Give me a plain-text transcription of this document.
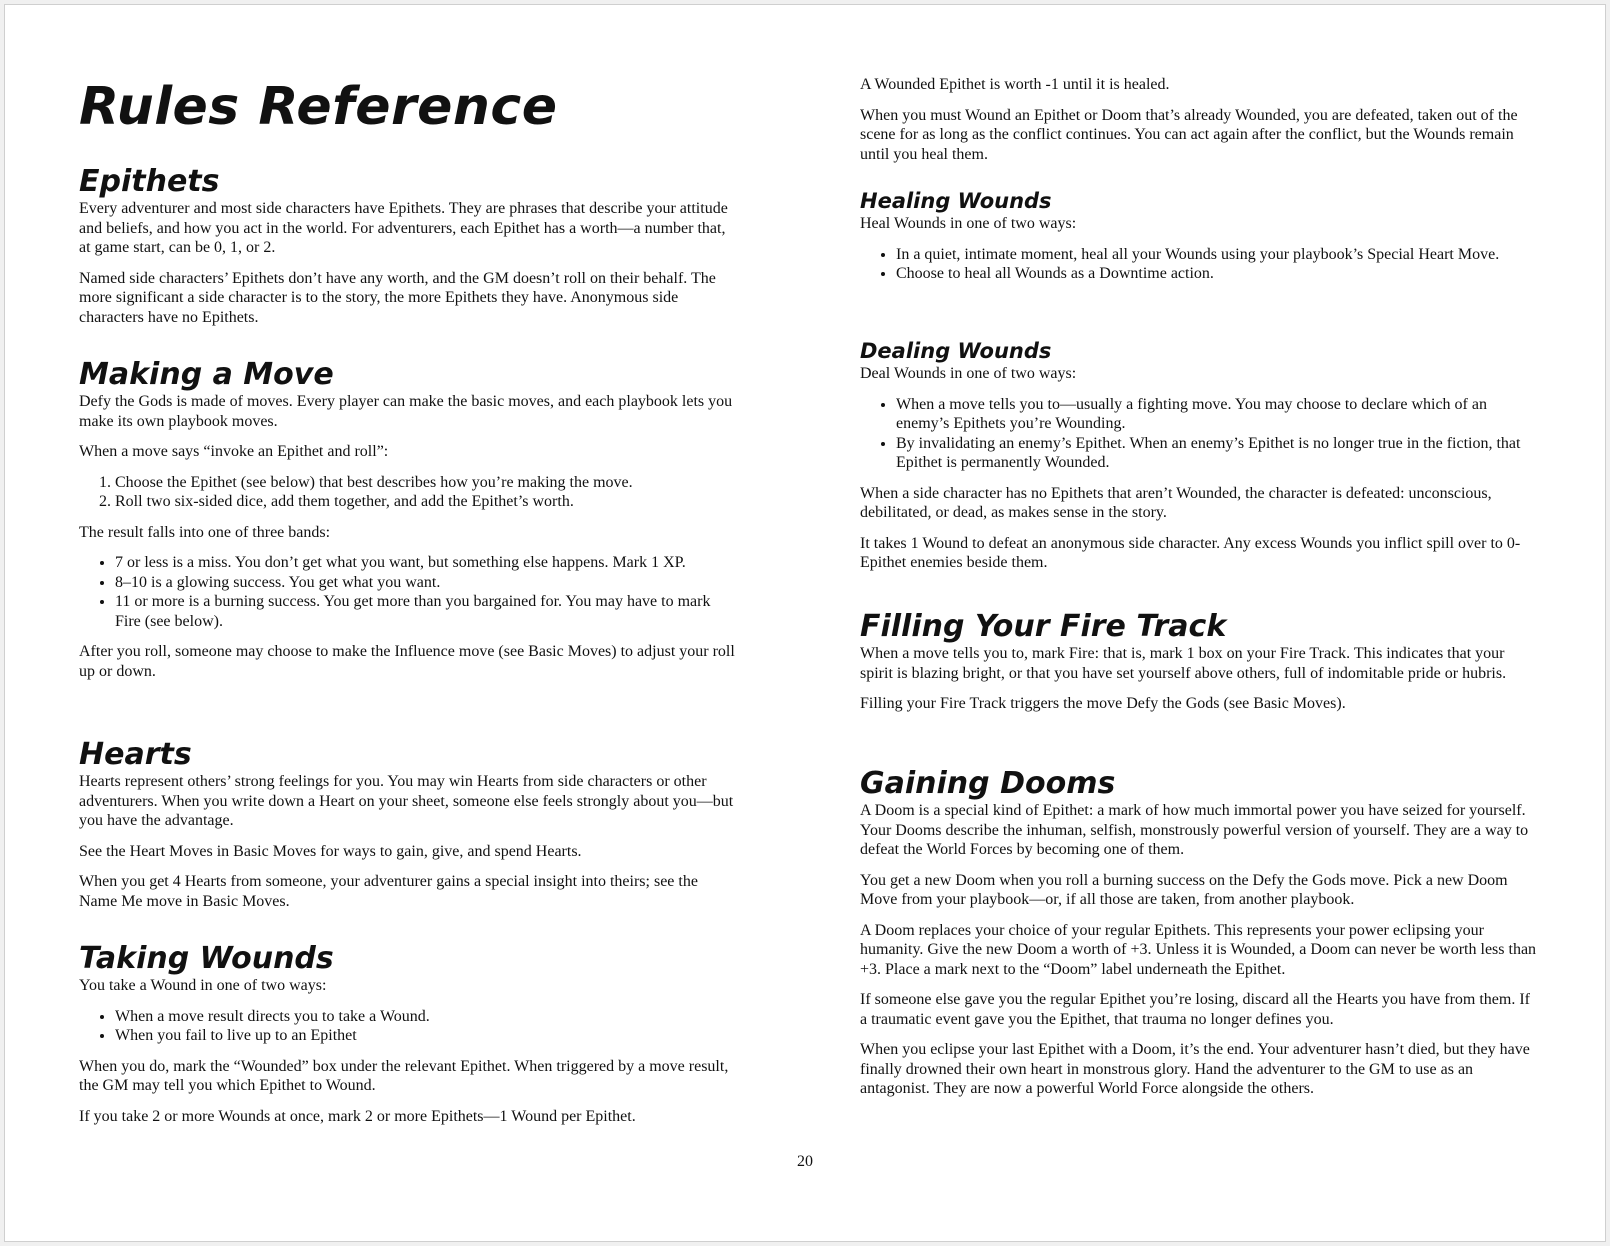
Rules Reference
Epithets

Every adventurer and most side characters have Epithets. They are phrases that describe your attitude and beliefs, and how you act in the world. For adventurers, each Epithet has a worth—a number that, at game start, can be 0, 1, or 2.

Named side characters’ Epithets don’t have any worth, and the GM doesn’t roll on their behalf. The more significant a side character is to the story, the more Epithets they have. Anonymous side characters have no Epithets.

Making a Move

Defy the Gods is made of moves. Every player can make the basic moves, and each playbook lets you make its own playbook moves.

When a move says “invoke an Epithet and roll”:

1. Choose the Epithet (see below) that best describes how you’re making the move.
2. Roll two six-sided dice, add them together, and add the Epithet’s worth.

The result falls into one of three bands:

• 7 or less is a miss. You don’t get what you want, but something else happens. Mark 1 XP.
• 8–10 is a glowing success. You get what you want.
• 11 or more is a burning success. You get more than you bargained for. You may have to mark Fire (see below).

After you roll, someone may choose to make the Influence move (see Basic Moves) to adjust your roll up or down.

Hearts

Hearts represent others’ strong feelings for you. You may win Hearts from side characters or other adventurers. When you write down a Heart on your sheet, someone else feels strongly about you—but you have the advantage.

See the Heart Moves in Basic Moves for ways to gain, give, and spend Hearts.

When you get 4 Hearts from someone, your adventurer gains a special insight into theirs; see the Name Me move in Basic Moves.

Taking Wounds

You take a Wound in one of two ways:

• When a move result directs you to take a Wound.
• When you fail to live up to an Epithet

When you do, mark the “Wounded” box under the relevant Epithet. When triggered by a move result, the GM may tell you which Epithet to Wound.

If you take 2 or more Wounds at once, mark 2 or more Epithets—1 Wound per Epithet.

A Wounded Epithet is worth -1 until it is healed.

When you must Wound an Epithet or Doom that’s already Wounded, you are defeated, taken out of the scene for as long as the conflict continues. You can act again after the conflict, but the Wounds remain until you heal them.

Healing Wounds

Heal Wounds in one of two ways:

• In a quiet, intimate moment, heal all your Wounds using your playbook’s Special Heart Move.
• Choose to heal all Wounds as a Downtime action.
Dealing Wounds

Deal Wounds in one of two ways:

• When a move tells you to—usually a fighting move. You may choose to declare which of an enemy’s Epithets you’re Wounding.
• By invalidating an enemy’s Epithet. When an enemy’s Epithet is no longer true in the fiction, that Epithet is permanently Wounded.

When a side character has no Epithets that aren’t Wounded, the character is defeated: unconscious, debilitated, or dead, as makes sense in the story.

It takes 1 Wound to defeat an anonymous side character. Any excess Wounds you inflict spill over to 0-Epithet enemies beside them.

Filling Your Fire Track

When a move tells you to, mark Fire: that is, mark 1 box on your Fire Track. This indicates that your spirit is blazing bright, or that you have set yourself above others, full of indomitable pride or hubris.

Filling your Fire Track triggers the move Defy the Gods (see Basic Moves).

Gaining Dooms

A Doom is a special kind of Epithet: a mark of how much immortal power you have seized for yourself. Your Dooms describe the inhuman, selfish, monstrously powerful version of yourself. They are a way to defeat the World Forces by becoming one of them.

You get a new Doom when you roll a burning success on the Defy the Gods move. Pick a new Doom Move from your playbook—or, if all those are taken, from another playbook.

A Doom replaces your choice of your regular Epithets. This represents your power eclipsing your humanity. Give the new Doom a worth of +3. Unless it is Wounded, a Doom can never be worth less than +3. Place a mark next to the “Doom” label underneath the Epithet.

If someone else gave you the regular Epithet you’re losing, discard all the Hearts you have from them. If a traumatic event gave you the Epithet, that trauma no longer defines you.

When you eclipse your last Epithet with a Doom, it’s the end. Your adventurer hasn’t died, but they have finally drowned their own heart in monstrous glory. Hand the adventurer to the GM to use as an antagonist. They are now a powerful World Force alongside the others.

20
